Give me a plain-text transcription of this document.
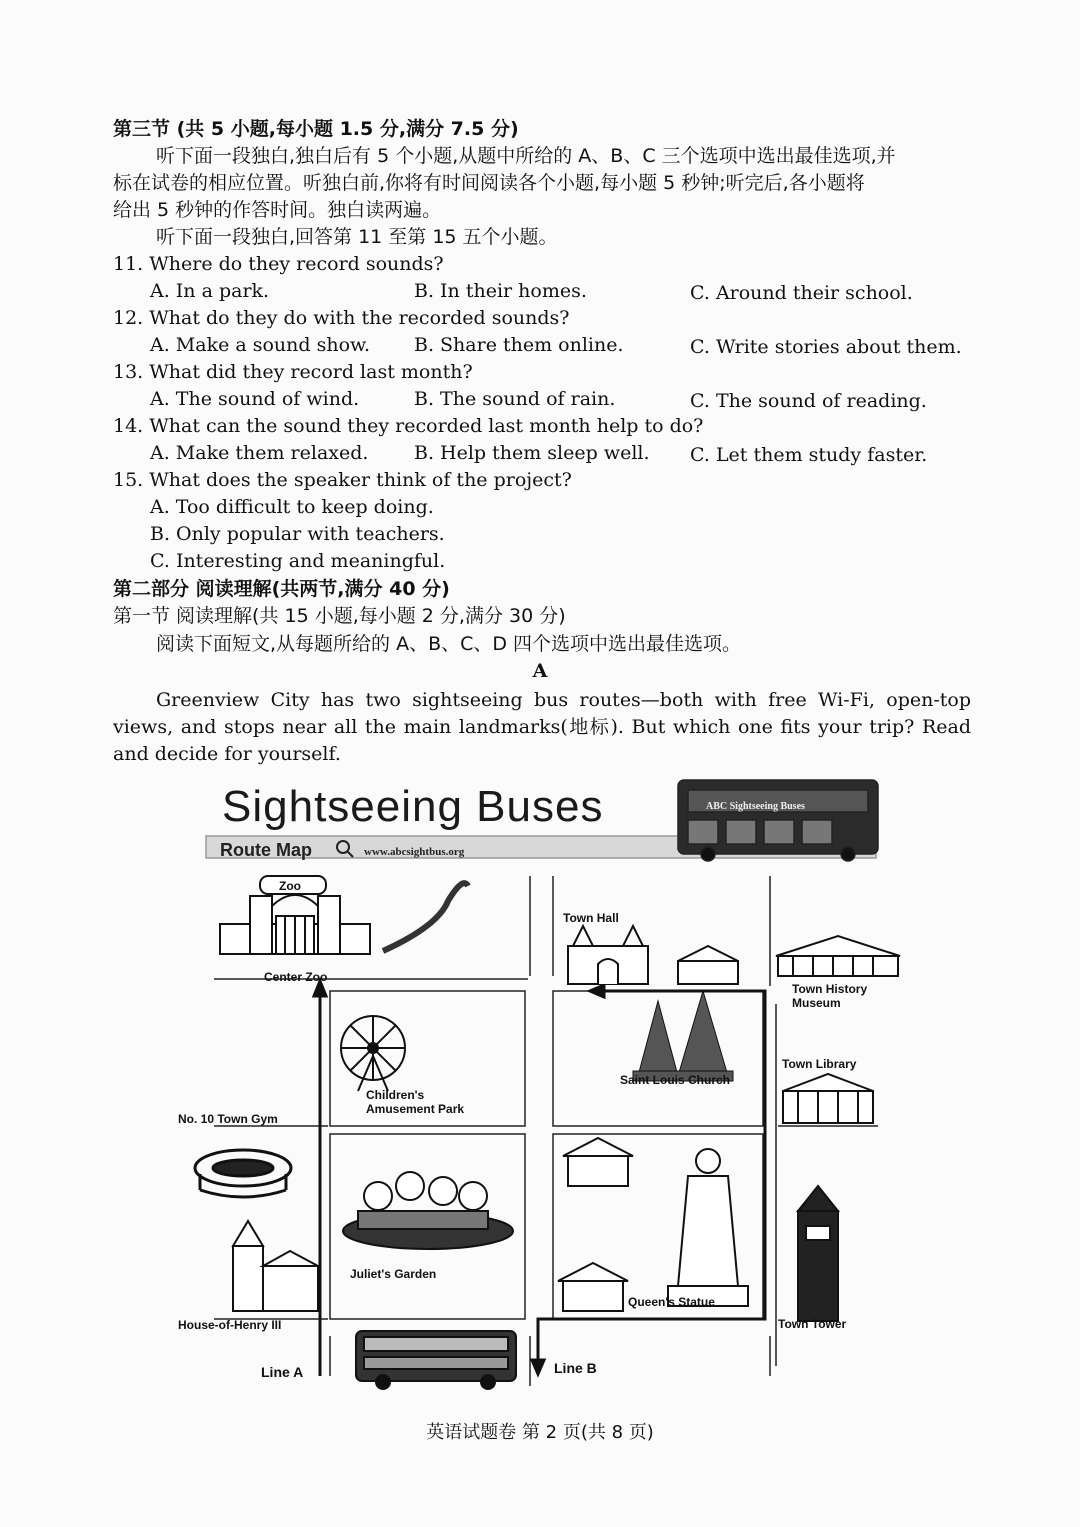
第三节 (共 5 小题,每小题 1.5 分,满分 7.5 分)
听下面一段独白,独白后有 5 个小题,从题中所给的 A、B、C 三个选项中选出最佳选项,并
标在试卷的相应位置。听独白前,你将有时间阅读各个小题,每小题 5 秒钟;听完后,各小题将
给出 5 秒钟的作答时间。独白读两遍。
听下面一段独白,回答第 11 至第 15 五个小题。
11. Where do they record sounds?
A. In a park.	B. In their homes.	C. Around their school.
12. What do they do with the recorded sounds?
A. Make a sound show. B. Share them online.	C. Write stories about them.
13. What did they record last month?
A. The sound of wind.	B. The sound of rain.	C. The sound of reading.
14. What can the sound they recorded last month help to do?
A. Make them relaxed. B. Help them sleep well. C. Let them study faster.
15. What does the speaker think of the project?
A. Too difficult to keep doing.
B. Only popular with teachers.
C. Interesting and meaningful.
第二部分 阅读理解(共两节,满分 40 分)
第一节 阅读理解(共 15 小题,每小题 2 分,满分 30 分)
阅读下面短文,从每题所给的 A、B、C、D 四个选项中选出最佳选项。
A
Greenview City has two sightseeing bus routes—both with free Wi-Fi, open-top views, and stops near all the main landmarks(地标). But which one fits your trip? Read and decide for yourself.
Sightseeing Buses
Route Map	www.abcsightbus.org
ABC Sightseeing Buses
Zoo
Center Zoo
Town Hall
Town History Museum
Town Library
Saint Louis Church
Children's Amusement Park
No. 10 Town Gym
Juliet's Garden
Queen's Statue
House-of-Henry III	Town Tower
Line A	Line B
英语试题卷 第 2 页(共 8 页)
